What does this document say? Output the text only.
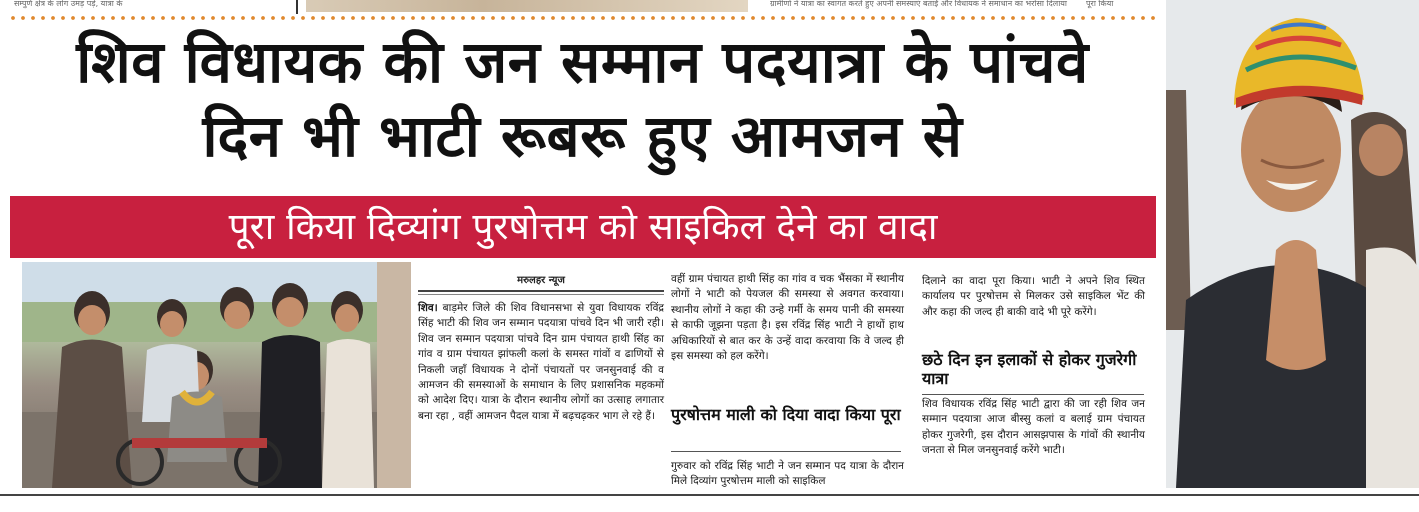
सम्पुर्ण क्षेत्र के लोग उमड़ पड़े, यात्रा के	ग्रामीणों ने यात्रा का स्वागत करते हुए अपनी समस्याएं बताईं और विधायक ने समाधान का भरोसा दिलाया पूरा किया
शिव विधायक की जन सम्मान पदयात्रा के पांचवे
दिन भी भाटी रूबरू हुए आमजन से
पूरा किया दिव्यांग पुरषोत्तम को साइकिल देने का वादा
मरुलहर न्यूज

शिव। बाड़मेर जिले की शिव विधानसभा से युवा विधायक रविंद्र सिंह भाटी की शिव जन सम्मान पदयात्रा पांचवे दिन भी जारी रही। शिव जन सम्मान पदयात्रा पांचवे दिन ग्राम पंचायत हाथी सिंह का गांव व ग्राम पंचायत झांफली कलां के समस्त गांवों व ढाणियों से निकली जहाँ विधायक ने दोनों पंचायतों पर जनसुनवाई की व आमजन की समस्याओं के समाधान के लिए प्रशासनिक महकमों को आदेश दिए। यात्रा के दौरान स्थानीय लोगों का उत्साह लगातार बना रहा , वहीं आमजन पैदल यात्रा में बढ़चढ़कर भाग ले रहे हैं।

वहीं ग्राम पंचायत हाथी सिंह का गांव व चक भैंसका में स्थानीय लोगों ने भाटी को पेयजल की समस्या से अवगत करवाया। स्थानीय लोगों ने कहा की उन्हे गर्मी के समय पानी की समस्या से काफी जूझना पड़ता है। इस रविंद्र सिंह भाटी ने हाथों हाथ अधिकारियों से बात कर के उन्हें वादा करवाया कि वे जल्द ही इस समस्या को हल करेंगे।

पुरषोत्तम माली को दिया वादा किया पूरा

गुरुवार को रविंद्र सिंह भाटी ने जन सम्मान पद यात्रा के दौरान मिले दिव्यांग पुरषोत्तम माली को साइकिल

दिलाने का वादा पूरा किया। भाटी ने अपने शिव स्थित कार्यालय पर पुरषोत्तम से मिलकर उसे साइकिल भेंट की और कहा की जल्द ही बाकी वादे भी पूरे करेंगे।

छठे दिन इन इलाकों से होकर गुजरेगी यात्रा

शिव विधायक रविंद्र सिंह भाटी द्वारा की जा रही शिव जन सम्मान पदयात्रा आज बीस्सु कलां व बलाई ग्राम पंचायत होकर गुजरेगी, इस दौरान आसझपास के गांवों की स्थानीय जनता से मिल जनसुनवाई करेंगे भाटी।
